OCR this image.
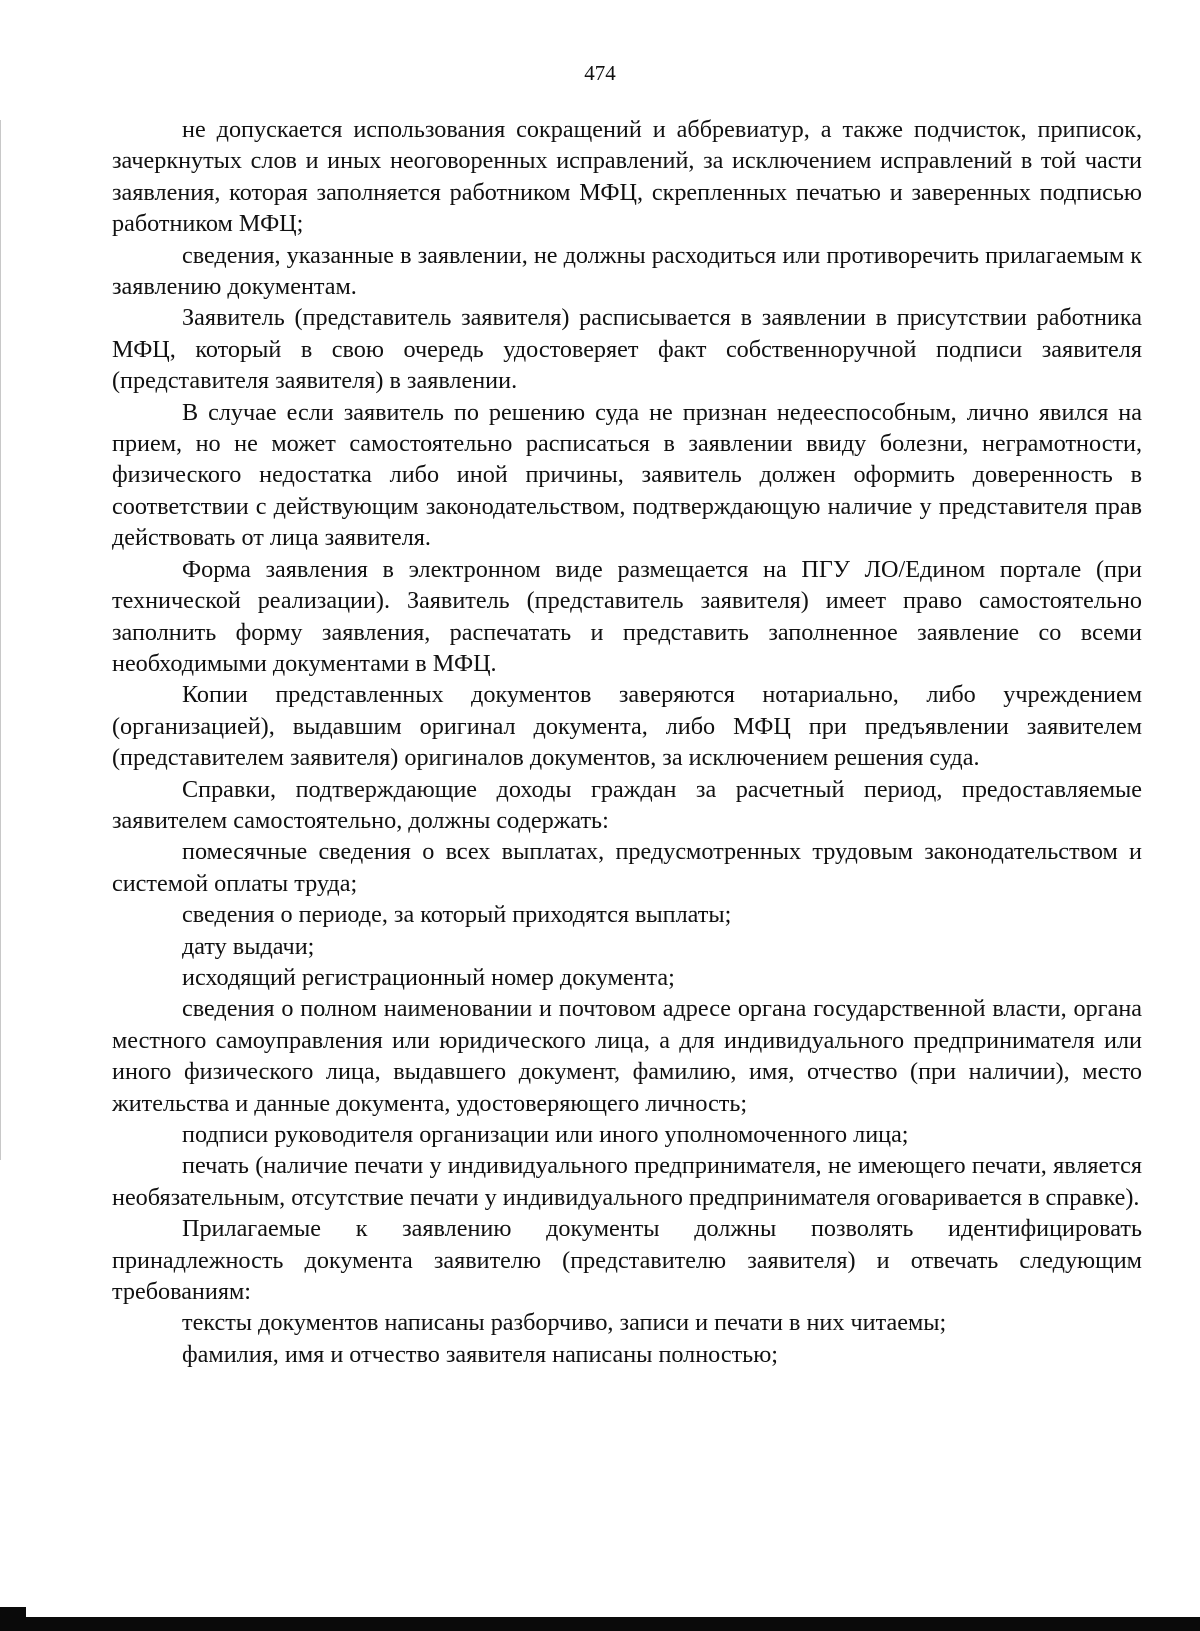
474

не допускается использования сокращений и аббревиатур, а также подчисток, приписок, зачеркнутых слов и иных неоговоренных исправлений, за исключением исправлений в той части заявления, которая заполняется работником МФЦ, скрепленных печатью и заверенных подписью работником МФЦ;

сведения, указанные в заявлении, не должны расходиться или противоречить прилагаемым к заявлению документам.

Заявитель (представитель заявителя) расписывается в заявлении в присутствии работника МФЦ, который в свою очередь удостоверяет факт собственноручной подписи заявителя (представителя заявителя) в заявлении.

В случае если заявитель по решению суда не признан недееспособным, лично явился на прием, но не может самостоятельно расписаться в заявлении ввиду болезни, неграмотности, физического недостатка либо иной причины, заявитель должен оформить доверенность в соответствии с действующим законодательством, подтверждающую наличие у представителя прав действовать от лица заявителя.

Форма заявления в электронном виде размещается на ПГУ ЛО/Едином портале (при технической реализации). Заявитель (представитель заявителя) имеет право самостоятельно заполнить форму заявления, распечатать и представить заполненное заявление со всеми необходимыми документами в МФЦ.

Копии представленных документов заверяются нотариально, либо учреждением (организацией), выдавшим оригинал документа, либо МФЦ при предъявлении заявителем (представителем заявителя) оригиналов документов, за исключением решения суда.

Справки, подтверждающие доходы граждан за расчетный период, предоставляемые заявителем самостоятельно, должны содержать:

помесячные сведения о всех выплатах, предусмотренных трудовым законодательством и системой оплаты труда;

сведения о периоде, за который приходятся выплаты;

дату выдачи;

исходящий регистрационный номер документа;

сведения о полном наименовании и почтовом адресе органа государственной власти, органа местного самоуправления или юридического лица, а для индивидуального предпринимателя или иного физического лица, выдавшего документ, фамилию, имя, отчество (при наличии), место жительства и данные документа, удостоверяющего личность;

подписи руководителя организации или иного уполномоченного лица;

печать (наличие печати у индивидуального предпринимателя, не имеющего печати, является необязательным, отсутствие печати у индивидуального предпринимателя оговаривается в справке).

Прилагаемые к заявлению документы должны позволять идентифицировать принадлежность документа заявителю (представителю заявителя) и отвечать следующим требованиям:

тексты документов написаны разборчиво, записи и печати в них читаемы;

фамилия, имя и отчество заявителя написаны полностью;
